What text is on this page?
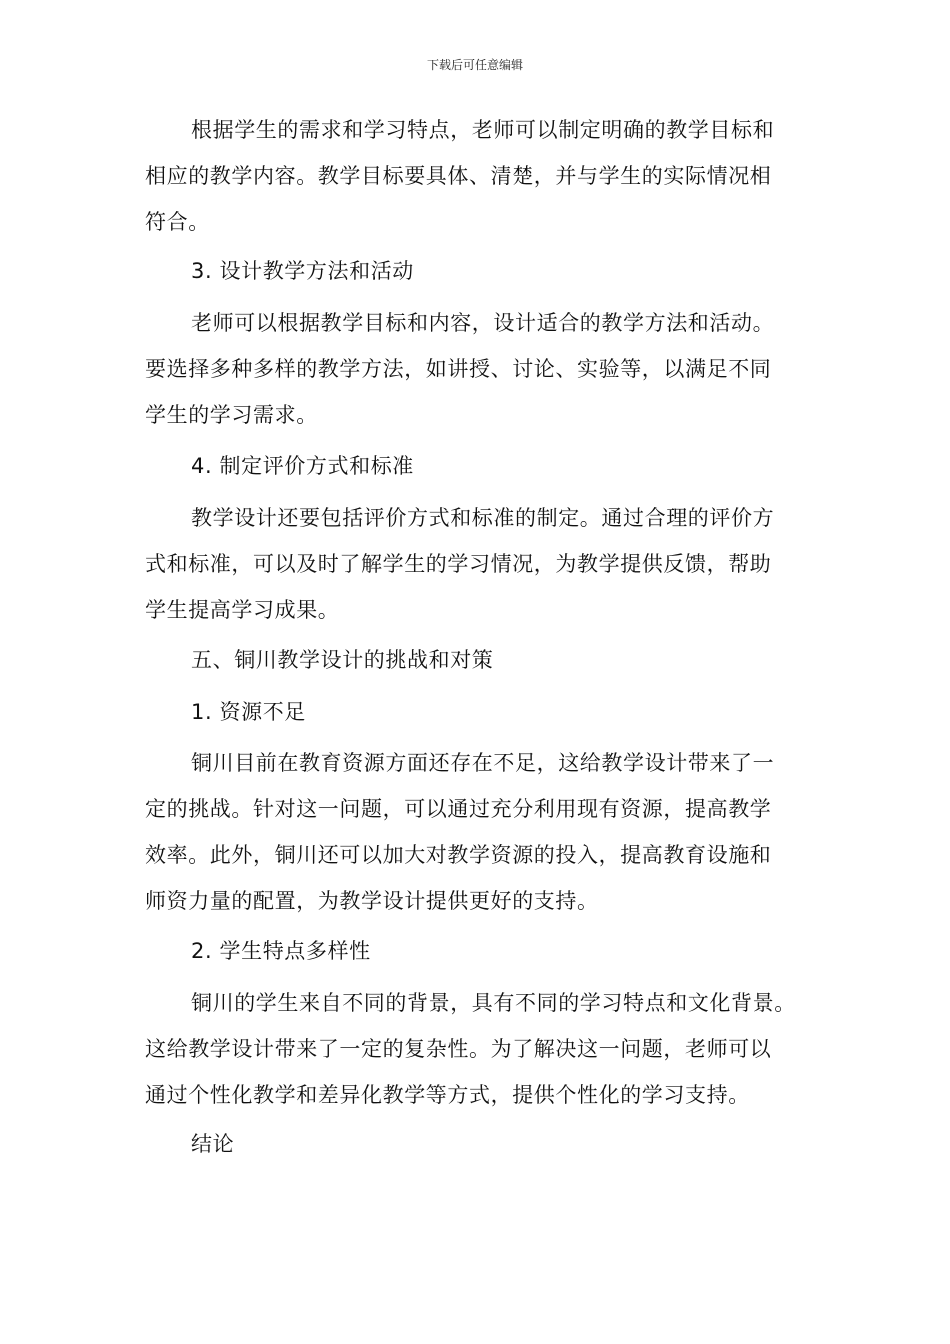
下载后可任意编辑
根据学生的需求和学习特点，老师可以制定明确的教学目标和
相应的教学内容。教学目标要具体、清楚，并与学生的实际情况相
符合。
3. 设计教学方法和活动
老师可以根据教学目标和内容，设计适合的教学方法和活动。
要选择多种多样的教学方法，如讲授、讨论、实验等，以满足不同
学生的学习需求。
4. 制定评价方式和标准
教学设计还要包括评价方式和标准的制定。通过合理的评价方
式和标准，可以及时了解学生的学习情况，为教学提供反馈，帮助
学生提高学习成果。
五、铜川教学设计的挑战和对策
1. 资源不足
铜川目前在教育资源方面还存在不足，这给教学设计带来了一
定的挑战。针对这一问题，可以通过充分利用现有资源，提高教学
效率。此外，铜川还可以加大对教学资源的投入，提高教育设施和
师资力量的配置，为教学设计提供更好的支持。
2. 学生特点多样性
铜川的学生来自不同的背景，具有不同的学习特点和文化背景。
这给教学设计带来了一定的复杂性。为了解决这一问题，老师可以
通过个性化教学和差异化教学等方式，提供个性化的学习支持。
结论
